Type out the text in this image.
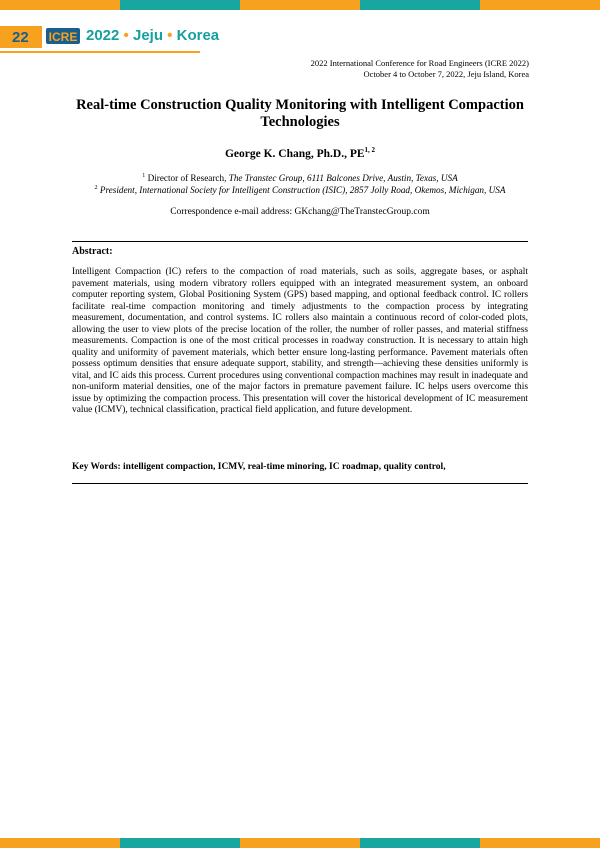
22 ICRE 2022 • Jeju • Korea
2022 International Conference for Road Engineers (ICRE 2022)
October 4 to October 7, 2022, Jeju Island, Korea
Real-time Construction Quality Monitoring with Intelligent Compaction Technologies
George K. Chang, Ph.D., PE$^{1, 2}$
$^1$ Director of Research, The Transtec Group, 6111 Balcones Drive, Austin, Texas, USA
$^2$ President, International Society for Intelligent Construction (ISIC), 2857 Jolly Road, Okemos, Michigan, USA
Correspondence e-mail address: GKchang@TheTranstecGroup.com
Abstract:
Intelligent Compaction (IC) refers to the compaction of road materials, such as soils, aggregate bases, or asphalt pavement materials, using modern vibratory rollers equipped with an integrated measurement system, an onboard computer reporting system, Global Positioning System (GPS) based mapping, and optional feedback control. IC rollers facilitate real-time compaction monitoring and timely adjustments to the compaction process by integrating measurement, documentation, and control systems. IC rollers also maintain a continuous record of color-coded plots, allowing the user to view plots of the precise location of the roller, the number of roller passes, and material stiffness measurements. Compaction is one of the most critical processes in roadway construction. It is necessary to attain high quality and uniformity of pavement materials, which better ensure long-lasting performance. Pavement materials often possess optimum densities that ensure adequate support, stability, and strength—achieving these densities uniformly is vital, and IC aids this process. Current procedures using conventional compaction machines may result in inadequate and non-uniform material densities, one of the major factors in premature pavement failure. IC helps users overcome this issue by optimizing the compaction process. This presentation will cover the historical development of IC measurement value (ICMV), technical classification, practical field application, and future development.
Key Words: intelligent compaction, ICMV, real-time minoring, IC roadmap, quality control,
